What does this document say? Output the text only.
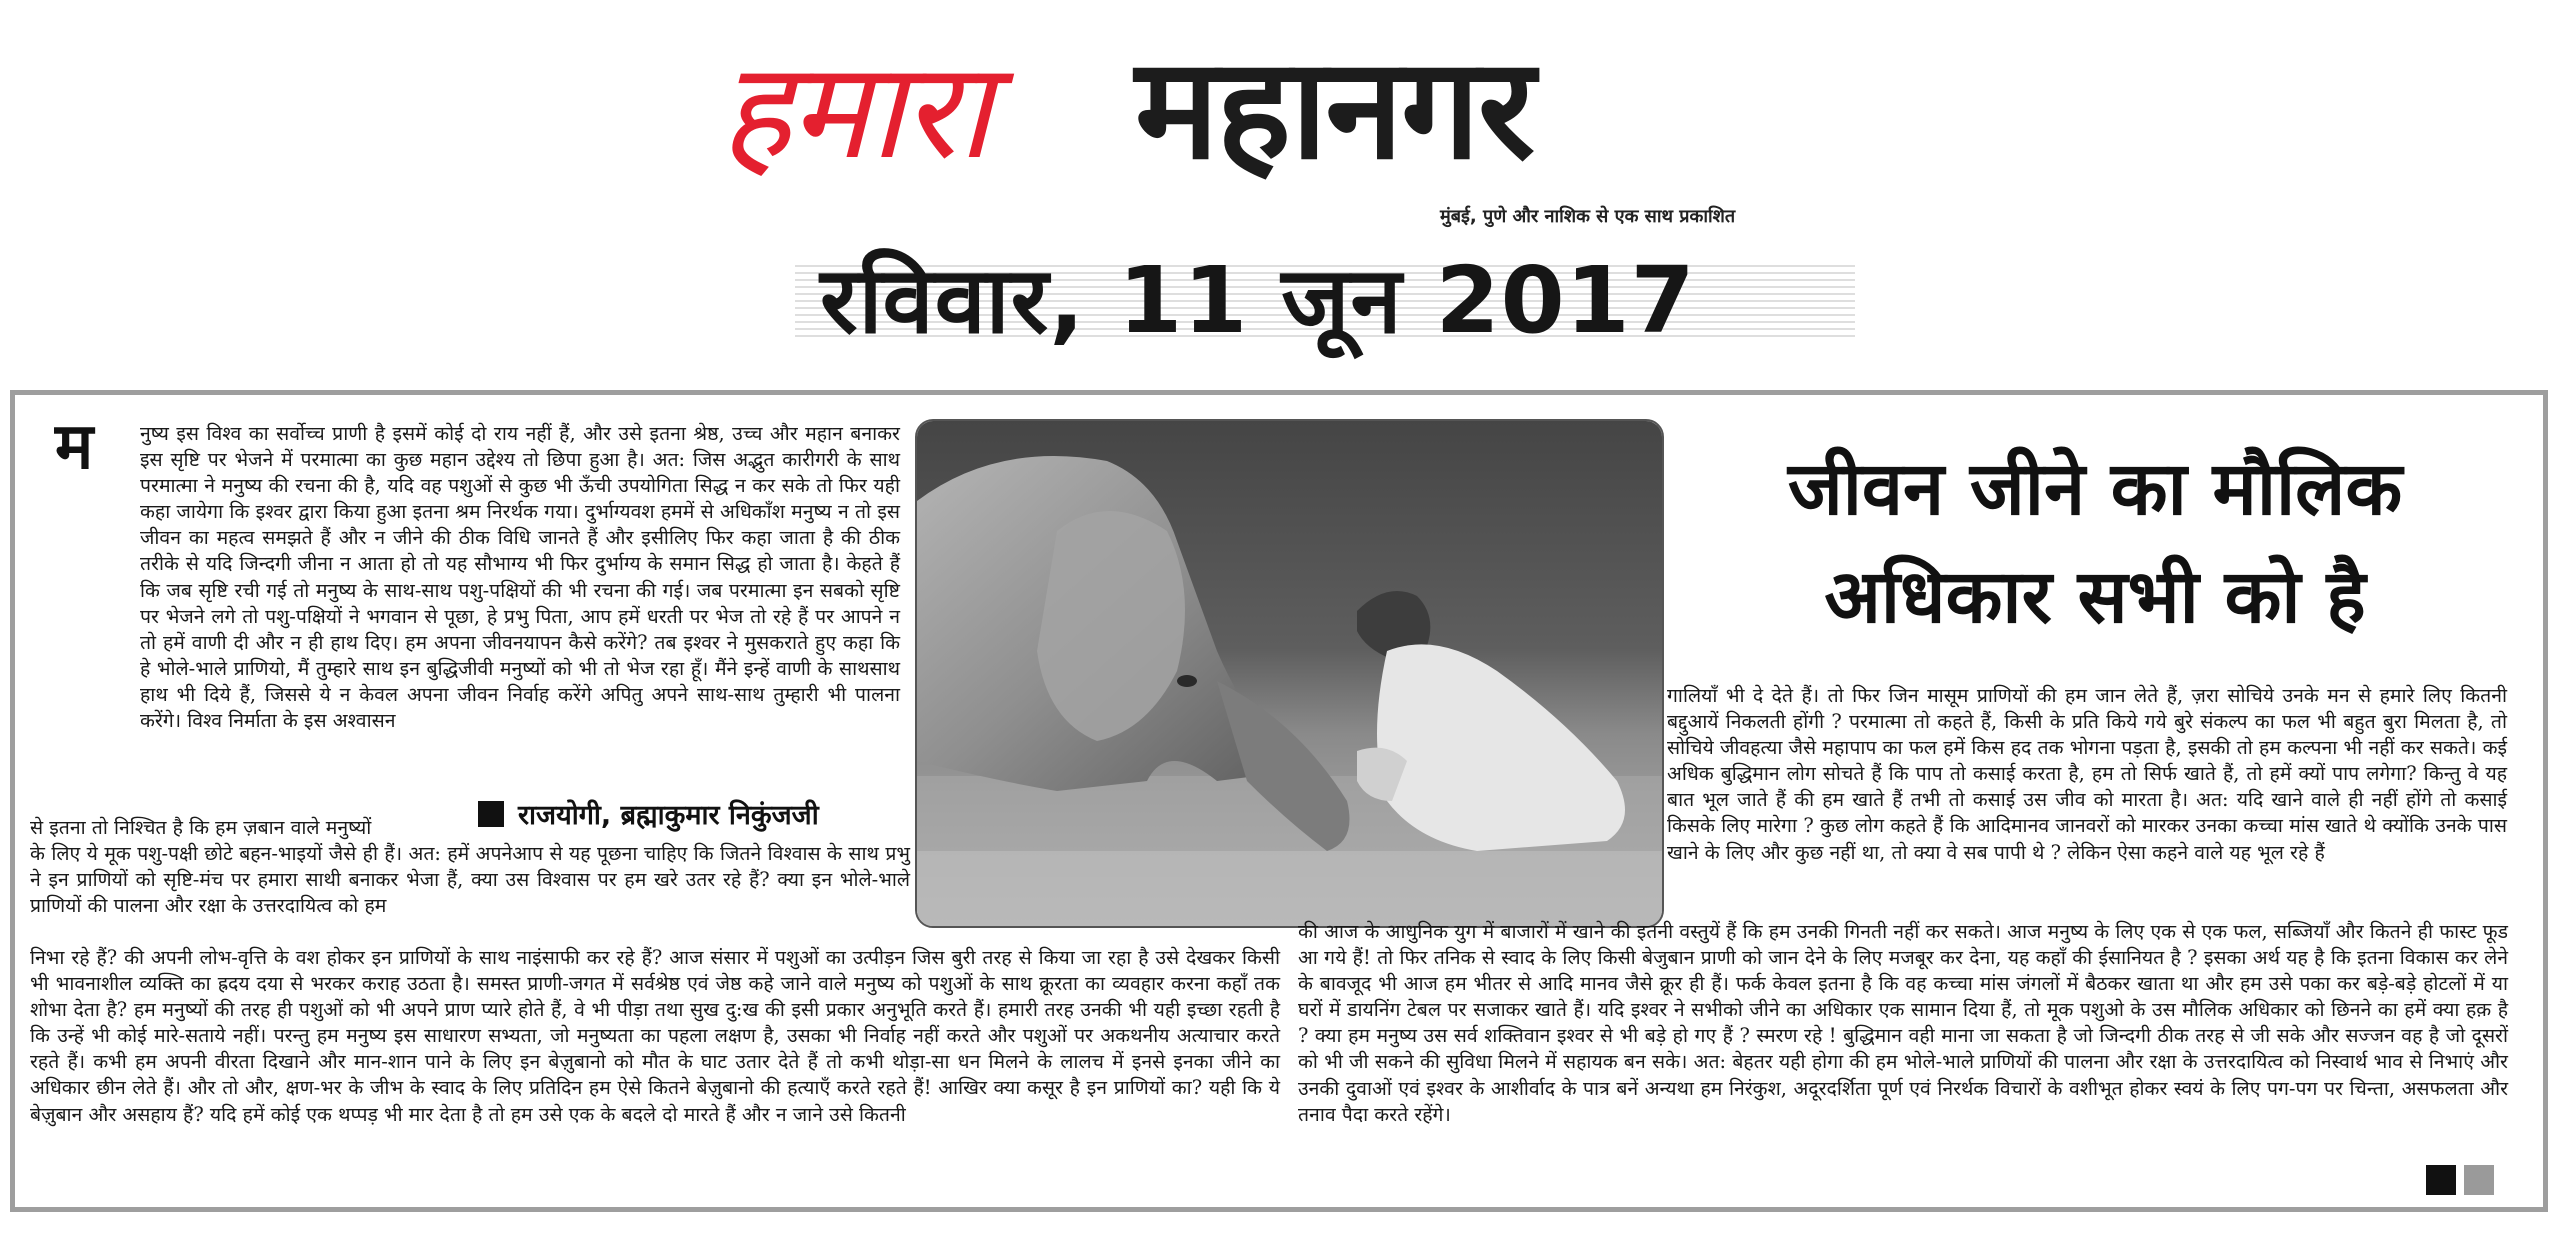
हमारा महानगर
मुंबई, पुणे और नाशिक से एक साथ प्रकाशित
रविवार, 11 जून 2017
म नुष्य इस विश्व का सर्वोच्च प्राणी है इसमें कोई दो राय नहीं हैं, और उसे इतना श्रेष्ठ, उच्च और महान बनाकर इस सृष्टि पर भेजने में परमात्मा का कुछ महान उद्देश्य तो छिपा हुआ है। अत: जिस अद्भुत कारीगरी के साथ परमात्मा ने मनुष्य की रचना की है, यदि वह पशुओं से कुछ भी ऊँची उपयोगिता सिद्ध न कर सके तो फिर यही कहा जायेगा कि इश्वर द्वारा किया हुआ इतना श्रम निरर्थक गया। दुर्भाग्यवश हममें से अधिकाँश मनुष्य न तो इस जीवन का महत्व समझते हैं और न जीने की ठीक विधि जानते हैं और इसीलिए फिर कहा जाता है की ठीक तरीके से यदि जिन्दगी जीना न आता हो तो यह सौभाग्य भी फिर दुर्भाग्य के समान सिद्ध हो जाता है। केहते हैं कि जब सृष्टि रची गई तो मनुष्य के साथ-साथ पशु-पक्षियों की भी रचना की गई। जब परमात्मा इन सबको सृष्टि पर भेजने लगे तो पशु-पक्षियों ने भगवान से पूछा, हे प्रभु पिता, आप हमें धरती पर भेज तो रहे हैं पर आपने न तो हमें वाणी दी और न ही हाथ दिए। हम अपना जीवनयापन कैसे करेंगे? तब इश्वर ने मुसकराते हुए कहा कि हे भोले-भाले प्राणियो, मैं तुम्हारे साथ इन बुद्धिजीवी मनुष्यों को भी तो भेज रहा हूँ। मैंने इन्हें वाणी के साथसाथ हाथ भी दिये हैं, जिससे ये न केवल अपना जीवन निर्वाह करेंगे अपितु अपने साथ-साथ तुम्हारी भी पालना करेंगे। विश्व निर्माता के इस अश्वासन

राजयोगी, ब्रह्माकुमार निकुंजजी

से इतना तो निश्चित है कि हम ज़बान वाले मनुष्यों

के लिए ये मूक पशु-पक्षी छोटे बहन-भाइयों जैसे ही हैं। अत: हमें अपनेआप से यह पूछना चाहिए कि जितने विश्वास के साथ प्रभु ने इन प्राणियों को सृष्टि-मंच पर हमारा साथी बनाकर भेजा हैं, क्या उस विश्वास पर हम खरे उतर रहे हैं? क्या इन भोले-भाले प्राणियों की पालना और रक्षा के उत्तरदायित्व को हम

निभा रहे हैं? की अपनी लोभ-वृत्ति के वश होकर इन प्राणियों के साथ नाइंसाफी कर रहे हैं? आज संसार में पशुओं का उत्पीड़न जिस बुरी तरह से किया जा रहा है उसे देखकर किसी भी भावनाशील व्यक्ति का ह्रदय दया से भरकर कराह उठता है। समस्त प्राणी-जगत में सर्वश्रेष्ठ एवं जेष्ठ कहे जाने वाले मनुष्य को पशुओं के साथ क्रूरता का व्यवहार करना कहाँ तक शोभा देता है? हम मनुष्यों की तरह ही पशुओं को भी अपने प्राण प्यारे होते हैं, वे भी पीड़ा तथा सुख दु:ख की इसी प्रकार अनुभूति करते हैं। हमारी तरह उनकी भी यही इच्छा रहती है कि उन्हें भी कोई मारे-सताये नहीं। परन्तु हम मनुष्य इस साधारण सभ्यता, जो मनुष्यता का पहला लक्षण है, उसका भी निर्वाह नहीं करते और पशुओं पर अकथनीय अत्याचार करते रहते हैं। कभी हम अपनी वीरता दिखाने और मान-शान पाने के लिए इन बेज़ुबानो को मौत के घाट उतार देते हैं तो कभी थोड़ा-सा धन मिलने के लालच में इनसे इनका जीने का अधिकार छीन लेते हैं। और तो और, क्षण-भर के जीभ के स्वाद के लिए प्रतिदिन हम ऐसे कितने बेज़ुबानो की हत्याएँ करते रहते हैं! आखिर क्या कसूर है इन प्राणियों का? यही कि ये बेज़ुबान और असहाय हैं? यदि हमें कोई एक थप्पड़ भी मार देता है तो हम उसे एक के बदले दो मारते हैं और न जाने उसे कितनी

जीवन जीने का मौलिक
अधिकार सभी को है

गालियाँ भी दे देते हैं। तो फिर जिन मासूम प्राणियों की हम जान लेते हैं, ज़रा सोचिये उनके मन से हमारे लिए कितनी बद्दुआयें निकलती होंगी ? परमात्मा तो कहते हैं, किसी के प्रति किये गये बुरे संकल्प का फल भी बहुत बुरा मिलता है, तो सोचिये जीवहत्या जैसे महापाप का फल हमें किस हद तक भोगना पड़ता है, इसकी तो हम कल्पना भी नहीं कर सकते। कई अधिक बुद्धिमान लोग सोचते हैं कि पाप तो कसाई करता है, हम तो सिर्फ खाते हैं, तो हमें क्यों पाप लगेगा? किन्तु वे यह बात भूल जाते हैं की हम खाते हैं तभी तो कसाई उस जीव को मारता है। अत: यदि खाने वाले ही नहीं होंगे तो कसाई किसके लिए मारेगा ? कुछ लोग कहते हैं कि आदिमानव जानवरों को मारकर उनका कच्चा मांस खाते थे क्योंकि उनके पास खाने के लिए और कुछ नहीं था, तो क्या वे सब पापी थे ? लेकिन ऐसा कहने वाले यह भूल रहे हैं

की आज के आधुनिक युग में बाजारों में खाने की इतनी वस्तुयें हैं कि हम उनकी गिनती नहीं कर सकते। आज मनुष्य के लिए एक से एक फल, सब्जियाँ और कितने ही फास्ट फूड आ गये हैं! तो फिर तनिक से स्वाद के लिए किसी बेजुबान प्राणी को जान देने के लिए मजबूर कर देना, यह कहाँ की ईसानियत है ? इसका अर्थ यह है कि इतना विकास कर लेने के बावजूद भी आज हम भीतर से आदि मानव जैसे क्रूर ही हैं। फर्क केवल इतना है कि वह कच्चा मांस जंगलों में बैठकर खाता था और हम उसे पका कर बड़े-बड़े होटलों में या घरों में डायनिंग टेबल पर सजाकर खाते हैं। यदि इश्वर ने सभीको जीने का अधिकार एक सामान दिया हैं, तो मूक पशुओ के उस मौलिक अधिकार को छिनने का हमें क्या हक़ है ? क्या हम मनुष्य उस सर्व शक्तिवान इश्वर से भी बड़े हो गए हैं ? स्मरण रहे ! बुद्धिमान वही माना जा सकता है जो जिन्दगी ठीक तरह से जी सके और सज्जन वह है जो दूसरों को भी जी सकने की सुविधा मिलने में सहायक बन सके। अत: बेहतर यही होगा की हम भोले-भाले प्राणियों की पालना और रक्षा के उत्तरदायित्व को निस्वार्थ भाव से निभाएं और उनकी दुवाओं एवं इश्वर के आशीर्वाद के पात्र बनें अन्यथा हम निरंकुश, अदूरदर्शिता पूर्ण एवं निरर्थक विचारों के वशीभूत होकर स्वयं के लिए पग-पग पर चिन्ता, असफलता और तनाव पैदा करते रहेंगे।
